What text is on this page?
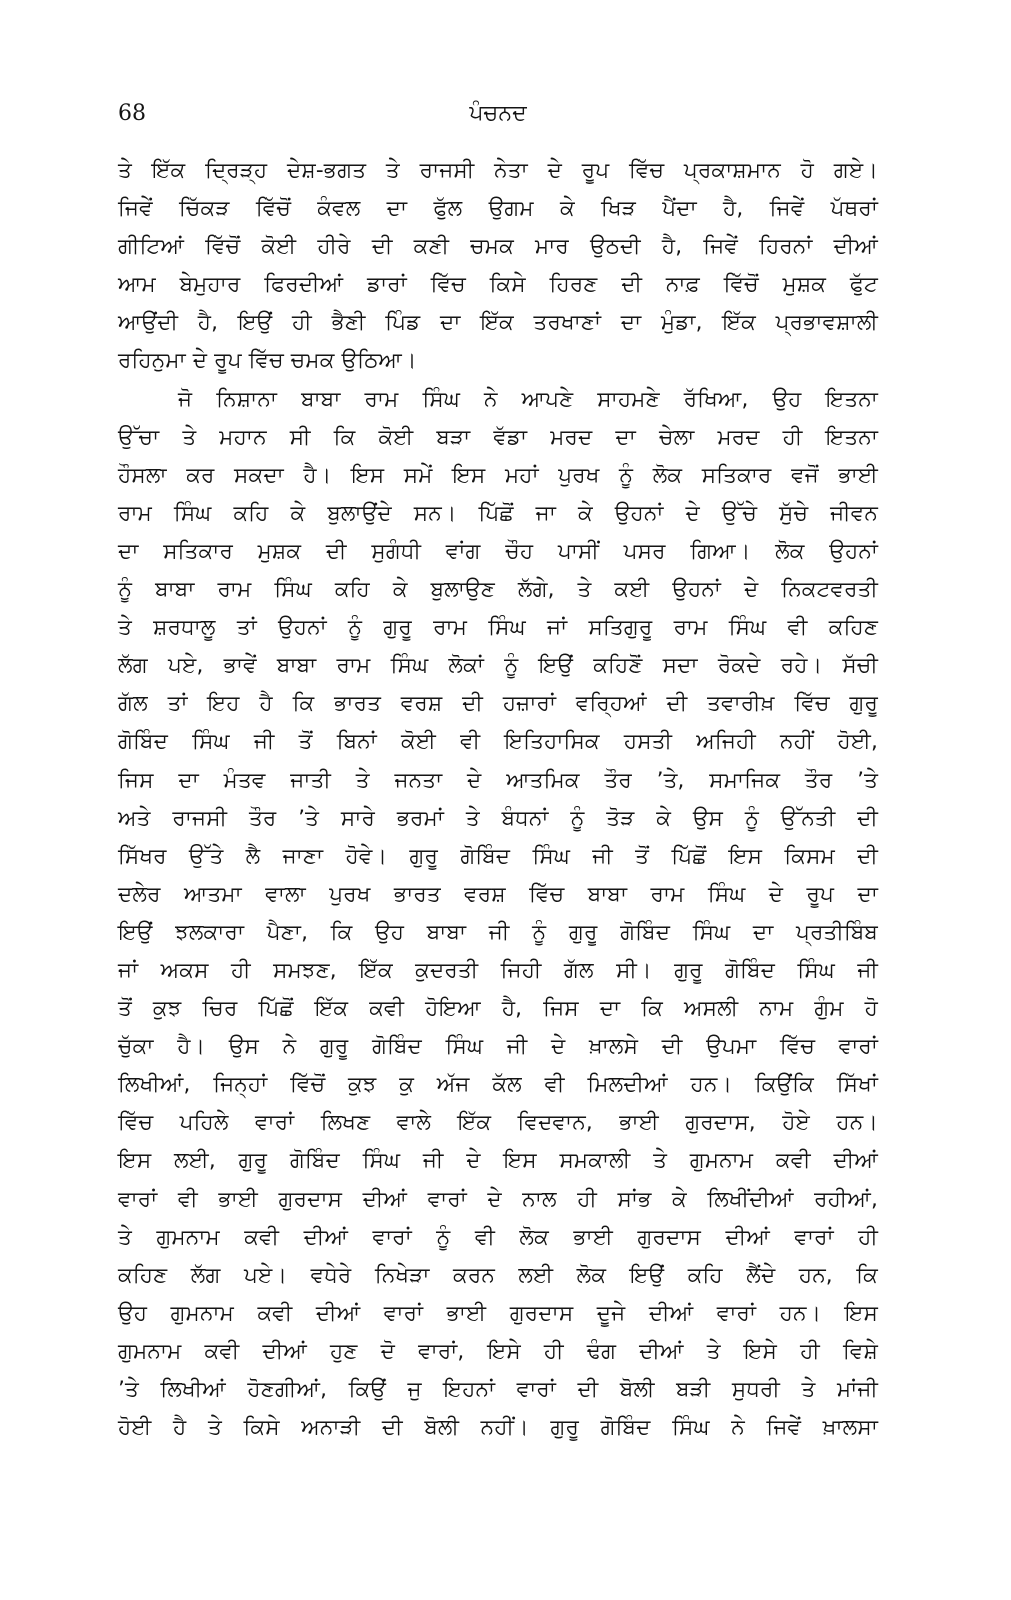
68	ਪੰਚਨਦ
ਤੇ ਇੱਕ ਦ੍ਰਿੜ੍ਹ ਦੇਸ਼-ਭਗਤ ਤੇ ਰਾਜਸੀ ਨੇਤਾ ਦੇ ਰੂਪ ਵਿੱਚ ਪ੍ਰਕਾਸ਼ਮਾਨ ਹੋ ਗਏ।
ਜਿਵੇਂ ਚਿੱਕੜ ਵਿੱਚੋਂ ਕੰਵਲ ਦਾ ਫੁੱਲ ਉਗਮ ਕੇ ਖਿੜ ਪੈਂਦਾ ਹੈ, ਜਿਵੇਂ ਪੱਥਰਾਂ
ਗੀਟਿਆਂ ਵਿੱਚੋਂ ਕੋਈ ਹੀਰੇ ਦੀ ਕਣੀ ਚਮਕ ਮਾਰ ਉਠਦੀ ਹੈ, ਜਿਵੇਂ ਹਿਰਨਾਂ ਦੀਆਂ
ਆਮ ਬੇਮੁਹਾਰ ਫਿਰਦੀਆਂ ਡਾਰਾਂ ਵਿੱਚ ਕਿਸੇ ਹਿਰਣ ਦੀ ਨਾਫ਼ ਵਿੱਚੋਂ ਮੁਸ਼ਕ ਫੁੱਟ
ਆਉਂਦੀ ਹੈ, ਇਉਂ ਹੀ ਭੈਣੀ ਪਿੰਡ ਦਾ ਇੱਕ ਤਰਖਾਣਾਂ ਦਾ ਮੁੰਡਾ, ਇੱਕ ਪ੍ਰਭਾਵਸ਼ਾਲੀ
ਰਹਿਨੁਮਾ ਦੇ ਰੂਪ ਵਿੱਚ ਚਮਕ ਉਠਿਆ।
ਜੋ ਨਿਸ਼ਾਨਾ ਬਾਬਾ ਰਾਮ ਸਿੰਘ ਨੇ ਆਪਣੇ ਸਾਹਮਣੇ ਰੱਖਿਆ, ਉਹ ਇਤਨਾ
ਉੱਚਾ ਤੇ ਮਹਾਨ ਸੀ ਕਿ ਕੋਈ ਬੜਾ ਵੱਡਾ ਮਰਦ ਦਾ ਚੇਲਾ ਮਰਦ ਹੀ ਇਤਨਾ
ਹੌਸਲਾ ਕਰ ਸਕਦਾ ਹੈ। ਇਸ ਸਮੇਂ ਇਸ ਮਹਾਂ ਪੁਰਖ ਨੂੰ ਲੋਕ ਸਤਿਕਾਰ ਵਜੋਂ ਭਾਈ
ਰਾਮ ਸਿੰਘ ਕਹਿ ਕੇ ਬੁਲਾਉਂਦੇ ਸਨ। ਪਿੱਛੋਂ ਜਾ ਕੇ ਉਹਨਾਂ ਦੇ ਉੱਚੇ ਸੁੱਚੇ ਜੀਵਨ
ਦਾ ਸਤਿਕਾਰ ਮੁਸ਼ਕ ਦੀ ਸੁਗੰਧੀ ਵਾਂਗ ਚੌਹ ਪਾਸੀਂ ਪਸਰ ਗਿਆ। ਲੋਕ ਉਹਨਾਂ
ਨੂੰ ਬਾਬਾ ਰਾਮ ਸਿੰਘ ਕਹਿ ਕੇ ਬੁਲਾਉਣ ਲੱਗੇ, ਤੇ ਕਈ ਉਹਨਾਂ ਦੇ ਨਿਕਟਵਰਤੀ
ਤੇ ਸ਼ਰਧਾਲੂ ਤਾਂ ਉਹਨਾਂ ਨੂੰ ਗੁਰੂ ਰਾਮ ਸਿੰਘ ਜਾਂ ਸਤਿਗੁਰੂ ਰਾਮ ਸਿੰਘ ਵੀ ਕਹਿਣ
ਲੱਗ ਪਏ, ਭਾਵੇਂ ਬਾਬਾ ਰਾਮ ਸਿੰਘ ਲੋਕਾਂ ਨੂੰ ਇਉਂ ਕਹਿਣੋਂ ਸਦਾ ਰੋਕਦੇ ਰਹੇ। ਸੱਚੀ
ਗੱਲ ਤਾਂ ਇਹ ਹੈ ਕਿ ਭਾਰਤ ਵਰਸ਼ ਦੀ ਹਜ਼ਾਰਾਂ ਵਰ੍ਹਿਆਂ ਦੀ ਤਵਾਰੀਖ਼ ਵਿੱਚ ਗੁਰੂ
ਗੋਬਿੰਦ ਸਿੰਘ ਜੀ ਤੋਂ ਬਿਨਾਂ ਕੋਈ ਵੀ ਇਤਿਹਾਸਿਕ ਹਸਤੀ ਅਜਿਹੀ ਨਹੀਂ ਹੋਈ,
ਜਿਸ ਦਾ ਮੰਤਵ ਜਾਤੀ ਤੇ ਜਨਤਾ ਦੇ ਆਤਮਿਕ ਤੌਰ ’ਤੇ, ਸਮਾਜਿਕ ਤੌਰ ’ਤੇ
ਅਤੇ ਰਾਜਸੀ ਤੌਰ ’ਤੇ ਸਾਰੇ ਭਰਮਾਂ ਤੇ ਬੰਧਨਾਂ ਨੂੰ ਤੋੜ ਕੇ ਉਸ ਨੂੰ ਉੱਨਤੀ ਦੀ
ਸਿੱਖਰ ਉੱਤੇ ਲੈ ਜਾਣਾ ਹੋਵੇ। ਗੁਰੂ ਗੋਬਿੰਦ ਸਿੰਘ ਜੀ ਤੋਂ ਪਿੱਛੋਂ ਇਸ ਕਿਸਮ ਦੀ
ਦਲੇਰ ਆਤਮਾ ਵਾਲਾ ਪੁਰਖ ਭਾਰਤ ਵਰਸ਼ ਵਿੱਚ ਬਾਬਾ ਰਾਮ ਸਿੰਘ ਦੇ ਰੂਪ ਦਾ
ਇਉਂ ਝਲਕਾਰਾ ਪੈਣਾ, ਕਿ ਉਹ ਬਾਬਾ ਜੀ ਨੂੰ ਗੁਰੂ ਗੋਬਿੰਦ ਸਿੰਘ ਦਾ ਪ੍ਰਤੀਬਿੰਬ
ਜਾਂ ਅਕਸ ਹੀ ਸਮਝਣ, ਇੱਕ ਕੁਦਰਤੀ ਜਿਹੀ ਗੱਲ ਸੀ। ਗੁਰੂ ਗੋਬਿੰਦ ਸਿੰਘ ਜੀ
ਤੋਂ ਕੁਝ ਚਿਰ ਪਿੱਛੋਂ ਇੱਕ ਕਵੀ ਹੋਇਆ ਹੈ, ਜਿਸ ਦਾ ਕਿ ਅਸਲੀ ਨਾਮ ਗੁੰਮ ਹੋ
ਚੁੱਕਾ ਹੈ। ਉਸ ਨੇ ਗੁਰੂ ਗੋਬਿੰਦ ਸਿੰਘ ਜੀ ਦੇ ਖ਼ਾਲਸੇ ਦੀ ਉਪਮਾ ਵਿੱਚ ਵਾਰਾਂ
ਲਿਖੀਆਂ, ਜਿਨ੍ਹਾਂ ਵਿੱਚੋਂ ਕੁਝ ਕੁ ਅੱਜ ਕੱਲ ਵੀ ਮਿਲਦੀਆਂ ਹਨ। ਕਿਉਂਕਿ ਸਿੱਖਾਂ
ਵਿੱਚ ਪਹਿਲੇ ਵਾਰਾਂ ਲਿਖਣ ਵਾਲੇ ਇੱਕ ਵਿਦਵਾਨ, ਭਾਈ ਗੁਰਦਾਸ, ਹੋਏ ਹਨ।
ਇਸ ਲਈ, ਗੁਰੂ ਗੋਬਿੰਦ ਸਿੰਘ ਜੀ ਦੇ ਇਸ ਸਮਕਾਲੀ ਤੇ ਗੁਮਨਾਮ ਕਵੀ ਦੀਆਂ
ਵਾਰਾਂ ਵੀ ਭਾਈ ਗੁਰਦਾਸ ਦੀਆਂ ਵਾਰਾਂ ਦੇ ਨਾਲ ਹੀ ਸਾਂਭ ਕੇ ਲਿਖੀਂਦੀਆਂ ਰਹੀਆਂ,
ਤੇ ਗੁਮਨਾਮ ਕਵੀ ਦੀਆਂ ਵਾਰਾਂ ਨੂੰ ਵੀ ਲੋਕ ਭਾਈ ਗੁਰਦਾਸ ਦੀਆਂ ਵਾਰਾਂ ਹੀ
ਕਹਿਣ ਲੱਗ ਪਏ। ਵਧੇਰੇ ਨਿਖੇੜਾ ਕਰਨ ਲਈ ਲੋਕ ਇਉਂ ਕਹਿ ਲੈਂਦੇ ਹਨ, ਕਿ
ਉਹ ਗੁਮਨਾਮ ਕਵੀ ਦੀਆਂ ਵਾਰਾਂ ਭਾਈ ਗੁਰਦਾਸ ਦੂਜੇ ਦੀਆਂ ਵਾਰਾਂ ਹਨ। ਇਸ
ਗੁਮਨਾਮ ਕਵੀ ਦੀਆਂ ਹੁਣ ਦੋ ਵਾਰਾਂ, ਇਸੇ ਹੀ ਢੰਗ ਦੀਆਂ ਤੇ ਇਸੇ ਹੀ ਵਿਸ਼ੇ
’ਤੇ ਲਿਖੀਆਂ ਹੋਣਗੀਆਂ, ਕਿਉਂ ਜੁ ਇਹਨਾਂ ਵਾਰਾਂ ਦੀ ਬੋਲੀ ਬੜੀ ਸੁਧਰੀ ਤੇ ਮਾਂਜੀ
ਹੋਈ ਹੈ ਤੇ ਕਿਸੇ ਅਨਾੜੀ ਦੀ ਬੋਲੀ ਨਹੀਂ। ਗੁਰੂ ਗੋਬਿੰਦ ਸਿੰਘ ਨੇ ਜਿਵੇਂ ਖ਼ਾਲਸਾ
